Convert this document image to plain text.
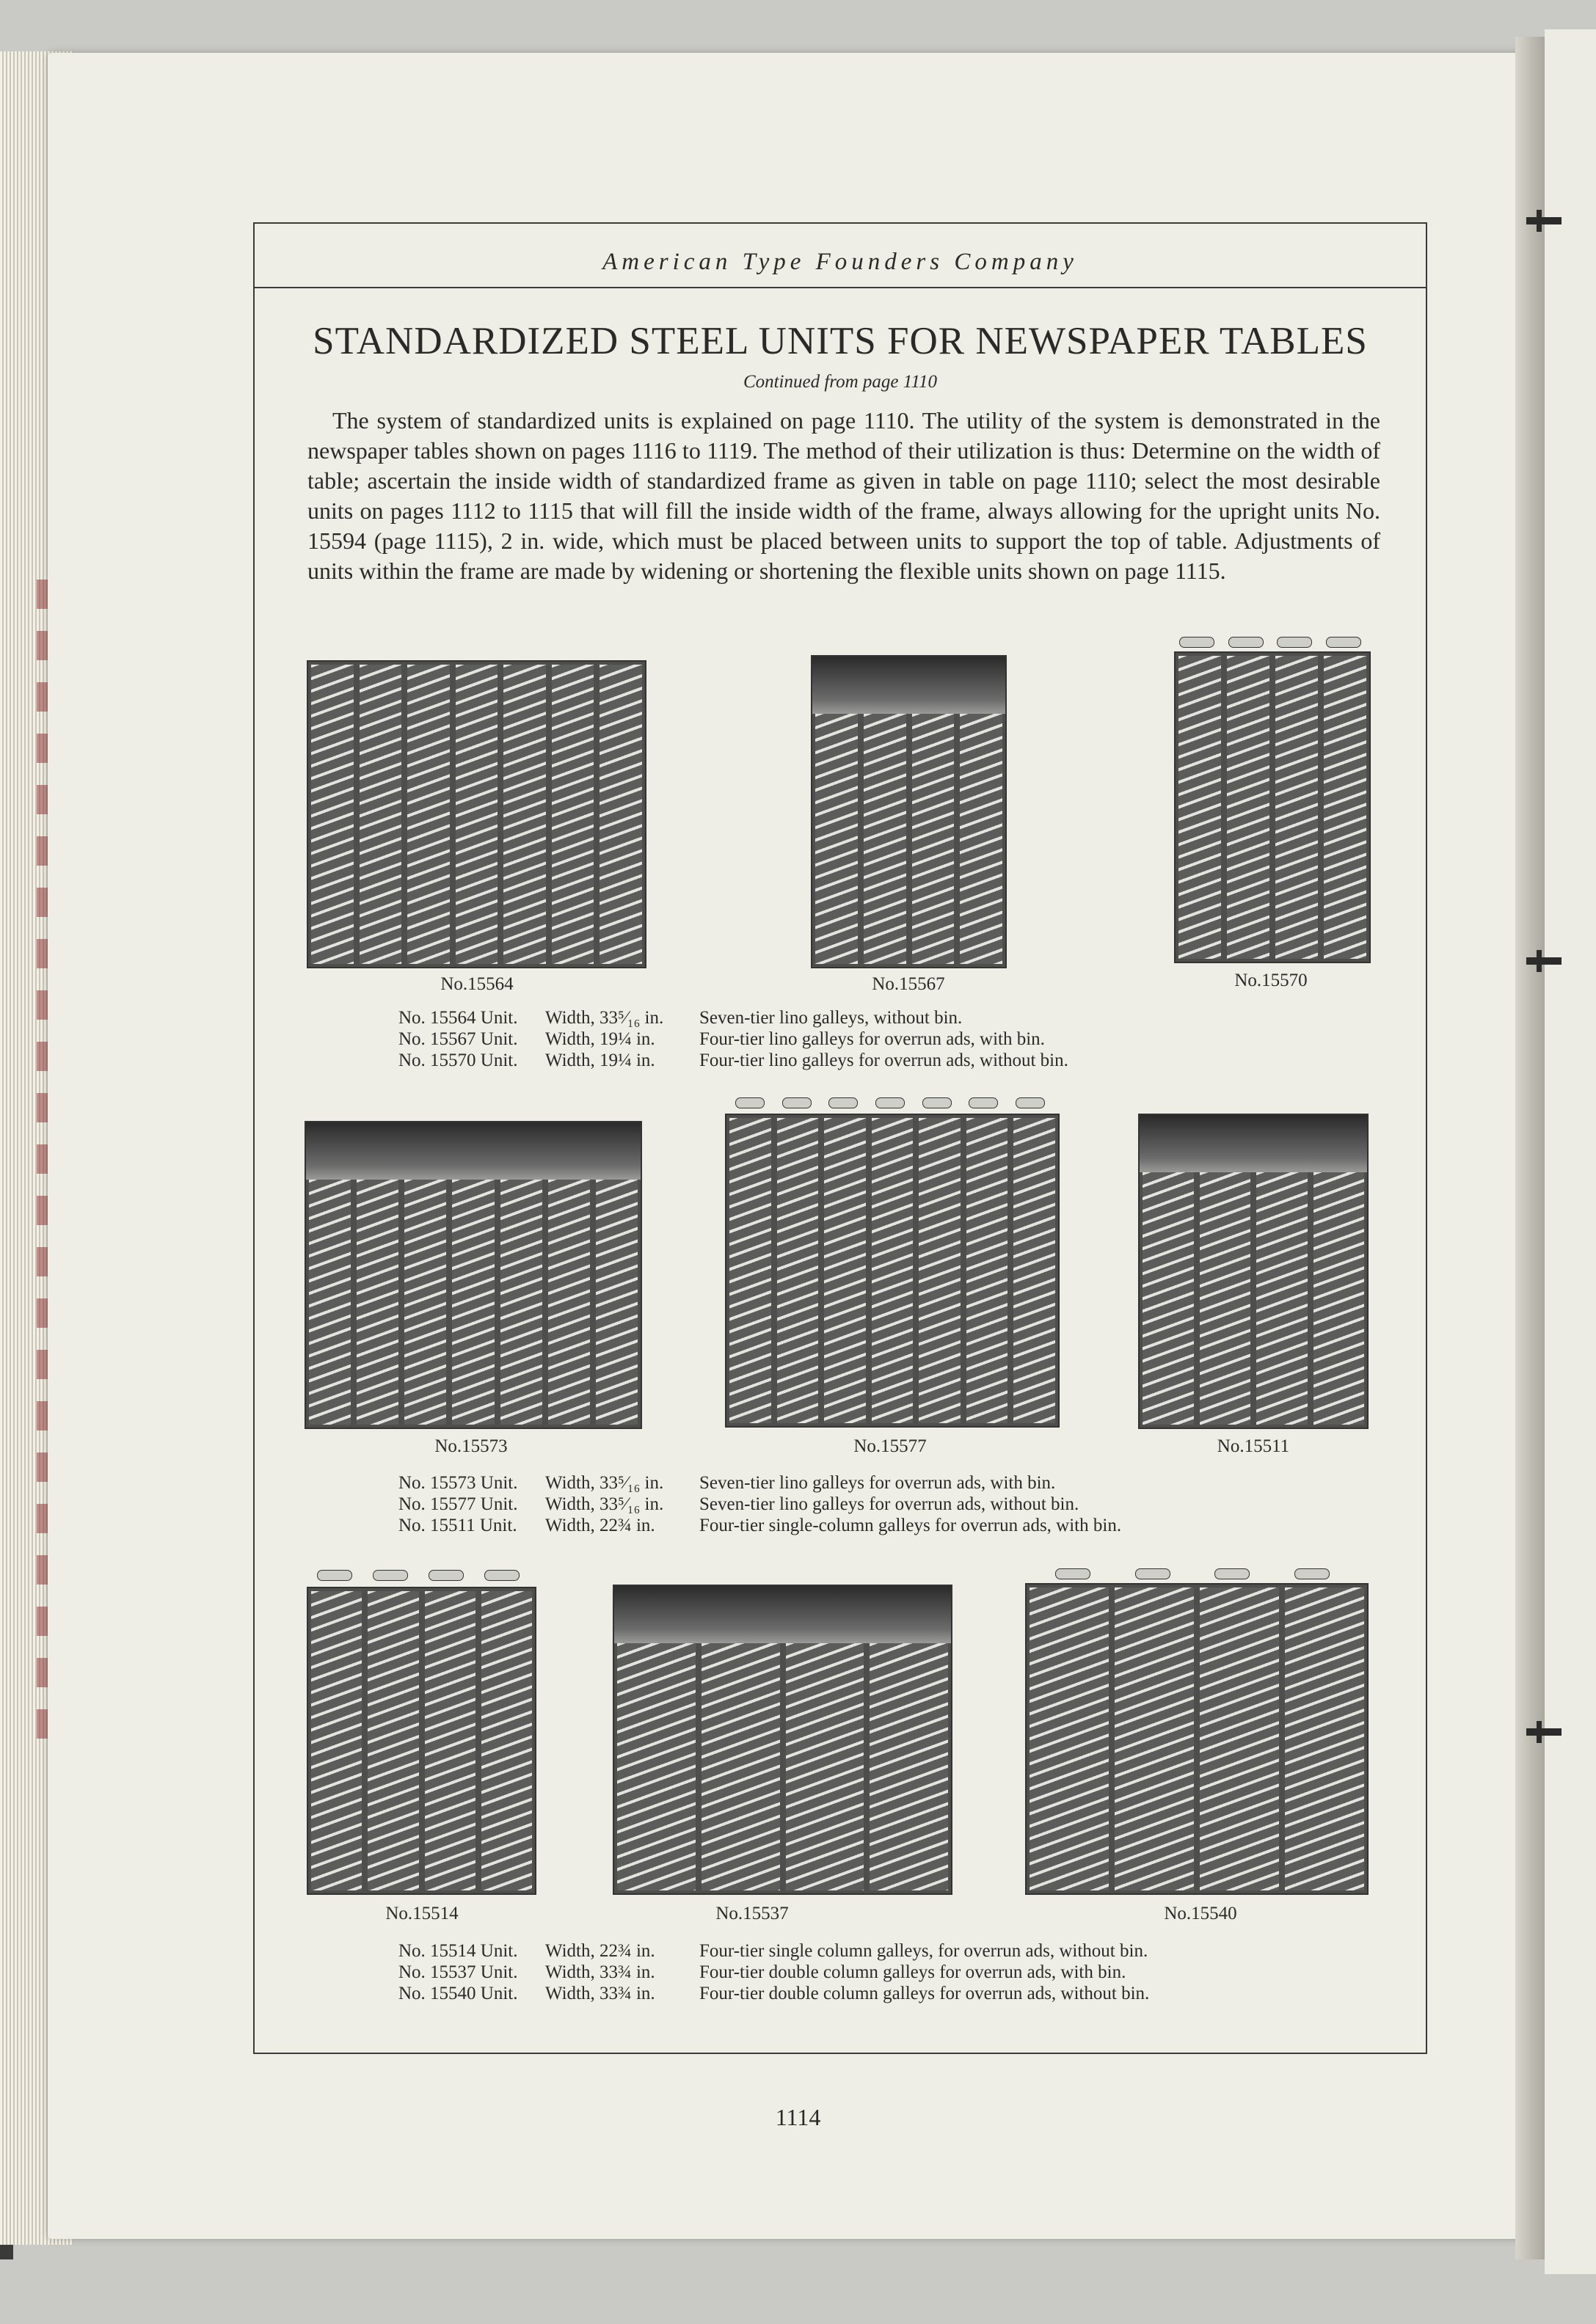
American Type Founders Company
STANDARDIZED STEEL UNITS FOR NEWSPAPER TABLES
Continued from page 1110

The system of standardized units is explained on page 1110. The utility of the system is demonstrated in the newspaper tables shown on pages 1116 to 1119. The method of their utilization is thus: Determine on the width of table; ascertain the inside width of standardized frame as given in table on page 1110; select the most desirable units on pages 1112 to 1115 that will fill the inside width of the frame, always allowing for the upright units No. 15594 (page 1115), 2 in. wide, which must be placed between units to support the top of table. Adjustments of units within the frame are made by widening or shortening the flexible units shown on page 1115.

No.15564	No.15567	No.15570
No. 15564 Unit.	Width, 33⁵⁄₁₆ in.	Seven-tier lino galleys, without bin.
No. 15567 Unit.	Width, 19¼ in.	Four-tier lino galleys for overrun ads, with bin.
No. 15570 Unit.	Width, 19¼ in.	Four-tier lino galleys for overrun ads, without bin.
No.15573	No.15577	No.15511
No. 15573 Unit.	Width, 33⁵⁄₁₆ in.	Seven-tier lino galleys for overrun ads, with bin.
No. 15577 Unit.	Width, 33⁵⁄₁₆ in.	Seven-tier lino galleys for overrun ads, without bin.
No. 15511 Unit.	Width, 22¾ in.	Four-tier single-column galleys for overrun ads, with bin.
No.15514	No.15537	No.15540
No. 15514 Unit.	Width, 22¾ in.	Four-tier single column galleys, for overrun ads, without bin.
No. 15537 Unit.	Width, 33¾ in.	Four-tier double column galleys for overrun ads, with bin.
No. 15540 Unit.	Width, 33¾ in.	Four-tier double column galleys for overrun ads, without bin.
1114
